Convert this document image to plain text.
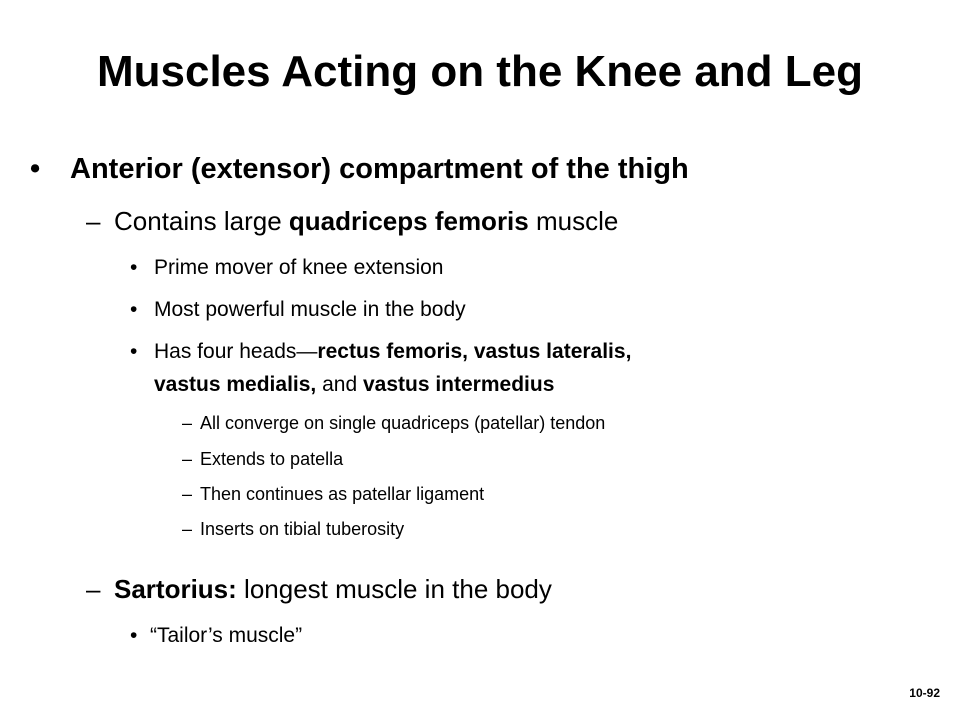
Muscles Acting on the Knee and Leg
• Anterior (extensor) compartment of the thigh
– Contains large quadriceps femoris muscle
• Prime mover of knee extension
• Most powerful muscle in the body
• Has four heads—rectus femoris, vastus lateralis,
vastus medialis, and vastus intermedius
– All converge on single quadriceps (patellar) tendon
– Extends to patella
– Then continues as patellar ligament
– Inserts on tibial tuberosity
– Sartorius: longest muscle in the body
• “Tailor’s muscle”
10-92
